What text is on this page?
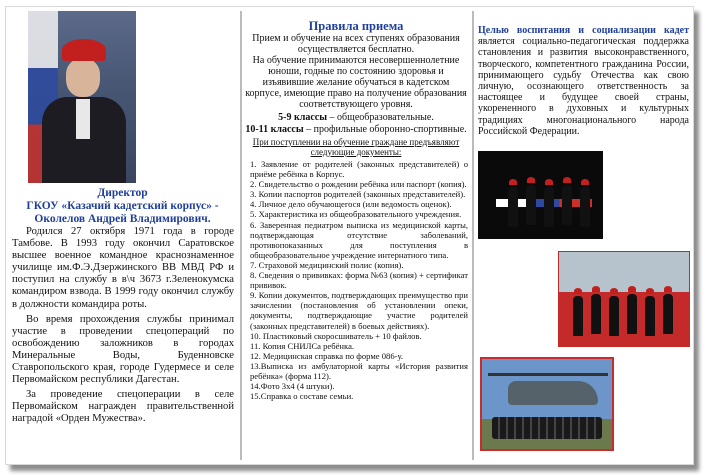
Директор
ГКОУ «Казачий кадетский корпус» -
Околелов Андрей Владимирович.

Родился 27 октября 1971 года в городе Тамбове. В 1993 году окончил Саратовское высшее военное командное краснознаменное училище им.Ф.Э.Дзержинского ВВ МВД РФ и поступил на службу в в\ч 3673 г.Зеленокумска командиром взвода. В 1999 году окончил службу в должности командира роты.

Во время прохождения службы принимал участие в проведении спецопераций по освобождению заложников в городах Минеральные Воды, Буденновске Ставропольского края, городе Гудермесе и селе Первомайском республики Дагестан.

За проведение спецоперации в селе Первомайском награжден правительственной наградой «Орден Мужества».

Правила приема

Прием и обучение на всех ступенях образования осуществляется бесплатно.

На обучение принимаются несовершеннолетние юноши, годные по состоянию здоровья и изъявившие желание обучаться в кадетском корпусе, имеющие право на получение образования соответствующего уровня.

5-9 классы – общеобразовательные.
10-11 классы – профильные оборонно-спортивные.
При поступлении на обучение граждане предъявляют следующие документы:
1. Заявление от родителей (законных представителей) о приёме ребёнка в Корпус.
2. Свидетельство о рождении ребёнка или паспорт (копия).
3. Копии паспортов родителей (законных представителей).
4. Личное дело обучающегося (или ведомость оценок).
5. Характеристика из общеобразовательного учреждения.
6. Заверенная педиатром выписка из медицинской карты, подтверждающая отсутствие заболеваний, противопоказанных для поступления в общеобразовательное учреждение интернатного типа.
7. Страховой медицинский полис (копия).
8. Сведения о прививках: форма №63 (копия) + сертификат прививок.
9. Копии документов, подтверждающих преимущество при зачислении (постановления об установлении опеки, документы, подтверждающие участие родителей (законных представителей) в боевых действиях).
10. Пластиковый скоросшиватель + 10 файлов.
11. Копия СНИЛСа ребёнка.
12. Медицинская справка по форме 086-у.
13.Выписка из амбулаторной карты «История развития ребёнка» (форма 112).
14.Фото 3х4 (4 штуки).
15.Справка о составе семьи.
Целью воспитания и социализации кадет является социально-педагогическая поддержка становления и развития высоконравственного, творческого, компетентного гражданина России, принимающего судьбу Отечества как свою личную, осознающего ответственность за настоящее и будущее своей страны, укорененного в духовных и культурных традициях многонационального народа Российской Федерации.
